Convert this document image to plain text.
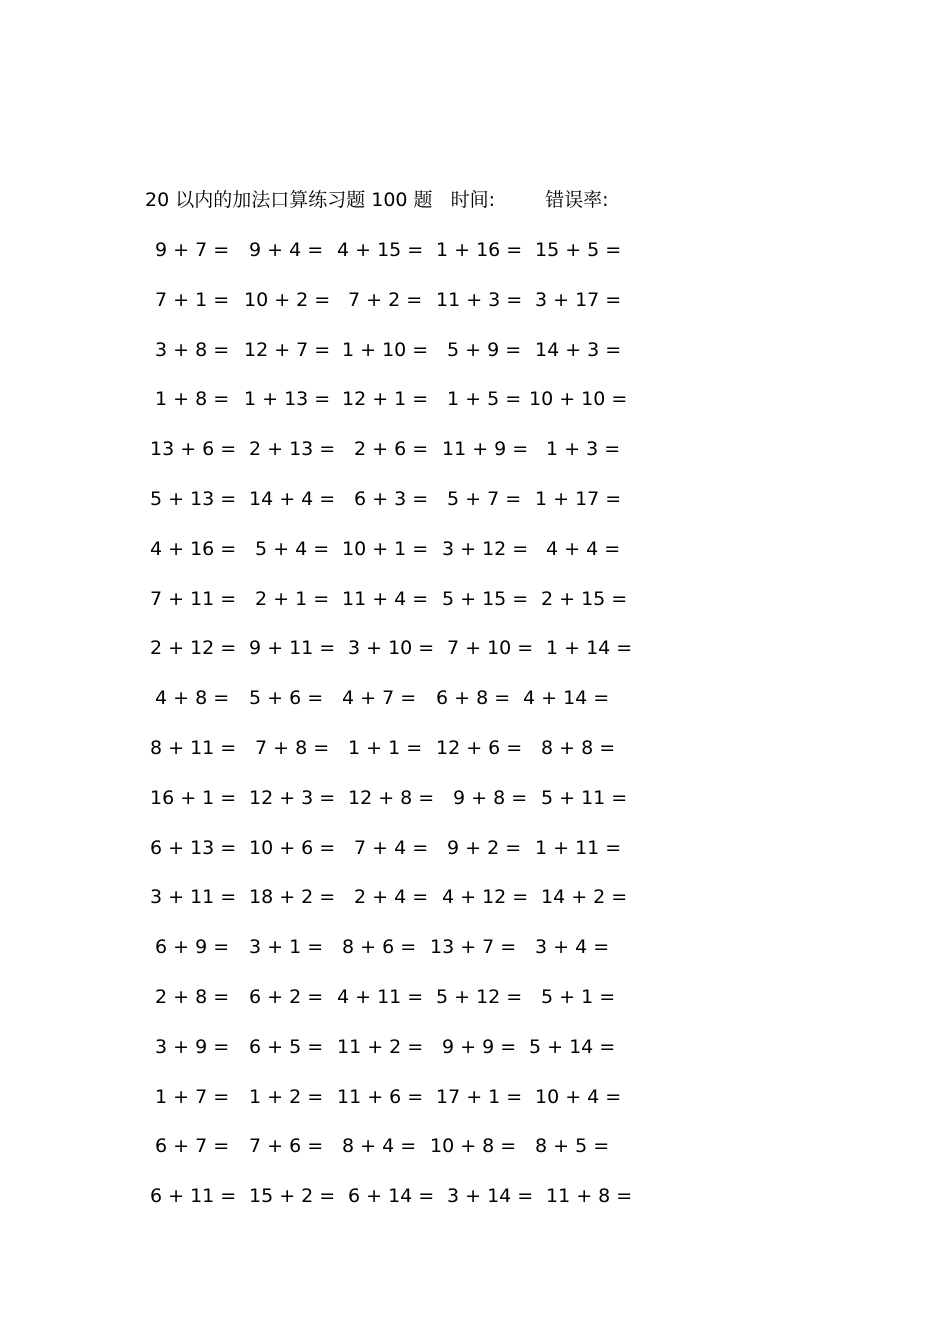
20 以内的加法口算练习题 100 题 时间:	错误率:
9 + 7 = 9 + 4 = 4 + 15 = 1 + 16 = 15 + 5 =
7 + 1 = 10 + 2 = 7 + 2 = 11 + 3 = 3 + 17 =
3 + 8 = 12 + 7 = 1 + 10 = 5 + 9 = 14 + 3 =
1 + 8 = 1 + 13 = 12 + 1 = 1 + 5 = 10 + 10 =
13 + 6 = 2 + 13 = 2 + 6 = 11 + 9 = 1 + 3 =
5 + 13 = 14 + 4 = 6 + 3 = 5 + 7 = 1 + 17 =
4 + 16 = 5 + 4 = 10 + 1 = 3 + 12 = 4 + 4 =
7 + 11 = 2 + 1 = 11 + 4 = 5 + 15 = 2 + 15 =
2 + 12 = 9 + 11 = 3 + 10 = 7 + 10 = 1 + 14 =
4 + 8 = 5 + 6 = 4 + 7 = 6 + 8 = 4 + 14 =
8 + 11 = 7 + 8 = 1 + 1 = 12 + 6 = 8 + 8 =
16 + 1 = 12 + 3 = 12 + 8 = 9 + 8 = 5 + 11 =
6 + 13 = 10 + 6 = 7 + 4 = 9 + 2 = 1 + 11 =
3 + 11 = 18 + 2 = 2 + 4 = 4 + 12 = 14 + 2 =
6 + 9 = 3 + 1 = 8 + 6 = 13 + 7 = 3 + 4 =
2 + 8 = 6 + 2 = 4 + 11 = 5 + 12 = 5 + 1 =
3 + 9 = 6 + 5 = 11 + 2 = 9 + 9 = 5 + 14 =
1 + 7 = 1 + 2 = 11 + 6 = 17 + 1 = 10 + 4 =
6 + 7 = 7 + 6 = 8 + 4 = 10 + 8 = 8 + 5 =
6 + 11 = 15 + 2 = 6 + 14 = 3 + 14 = 11 + 8 =
